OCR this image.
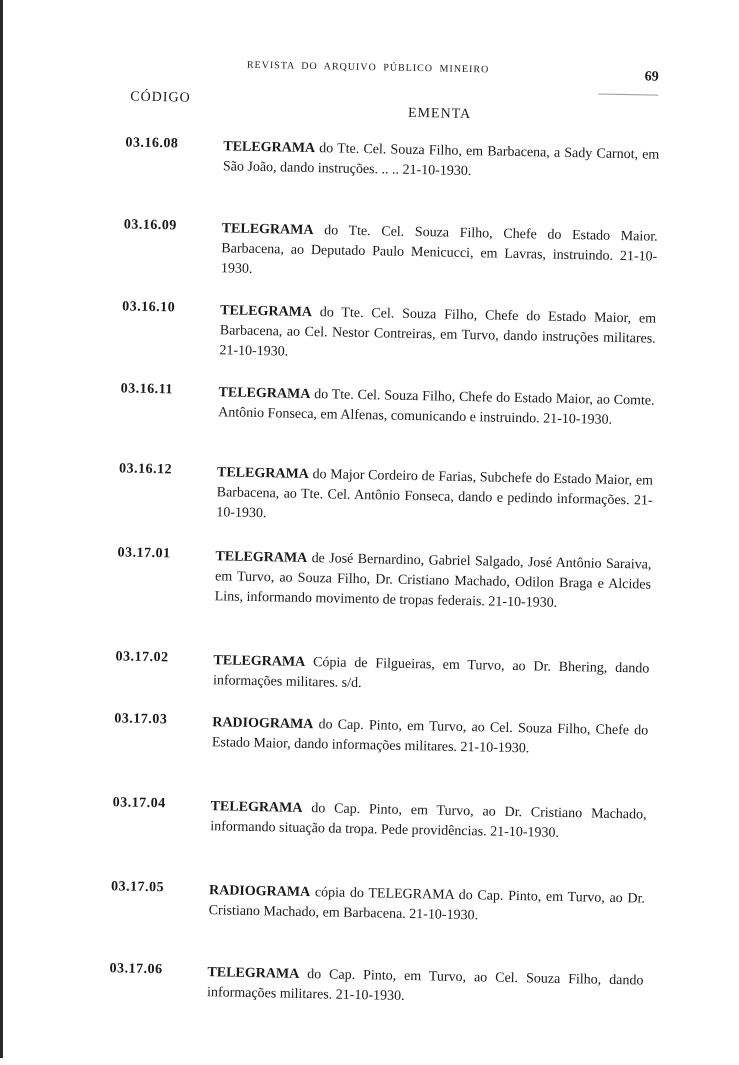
REVISTA DO ARQUIVO PÚBLICO MINEIRO
69
CÓDIGO
EMENTA
03.16.08	TELEGRAMA do Tte. Cel. Souza Filho, em Barbacena, a Sady Carnot, em São João, dando instruções. .. .. 21-10-1930.

03.16.09	TELEGRAMA do Tte. Cel. Souza Filho, Chefe do Estado Maior. Barbacena, ao Deputado Paulo Menicucci, em Lavras, instruindo. 21-10-1930.

03.16.10	TELEGRAMA do Tte. Cel. Souza Filho, Chefe do Estado Maior, em Barbacena, ao Cel. Nestor Contreiras, em Turvo, dando instruções militares. 21-10-1930.

03.16.11	TELEGRAMA do Tte. Cel. Souza Filho, Chefe do Estado Maior, ao Comte. Antônio Fonseca, em Alfenas, comunicando e instruindo. 21-10-1930.

03.16.12	TELEGRAMA do Major Cordeiro de Farias, Subchefe do Estado Maior, em Barbacena, ao Tte. Cel. Antônio Fonseca, dando e pedindo informações. 21-10-1930.

03.17.01	TELEGRAMA de José Bernardino, Gabriel Salgado, José Antônio Saraiva, em Turvo, ao Souza Filho, Dr. Cristiano Machado, Odilon Braga e Alcides Lins, informando movimento de tropas federais. 21-10-1930.

03.17.02	TELEGRAMA Cópia de Filgueiras, em Turvo, ao Dr. Bhering, dando informações militares. s/d.

03.17.03	RADIOGRAMA do Cap. Pinto, em Turvo, ao Cel. Souza Filho, Chefe do Estado Maior, dando informações militares. 21-10-1930.

03.17.04	TELEGRAMA do Cap. Pinto, em Turvo, ao Dr. Cristiano Machado, informando situação da tropa. Pede providências. 21-10-1930.

03.17.05	RADIOGRAMA cópia do TELEGRAMA do Cap. Pinto, em Turvo, ao Dr. Cristiano Machado, em Barbacena. 21-10-1930.

03.17.06	TELEGRAMA do Cap. Pinto, em Turvo, ao Cel. Souza Filho, dando informações militares. 21-10-1930.
